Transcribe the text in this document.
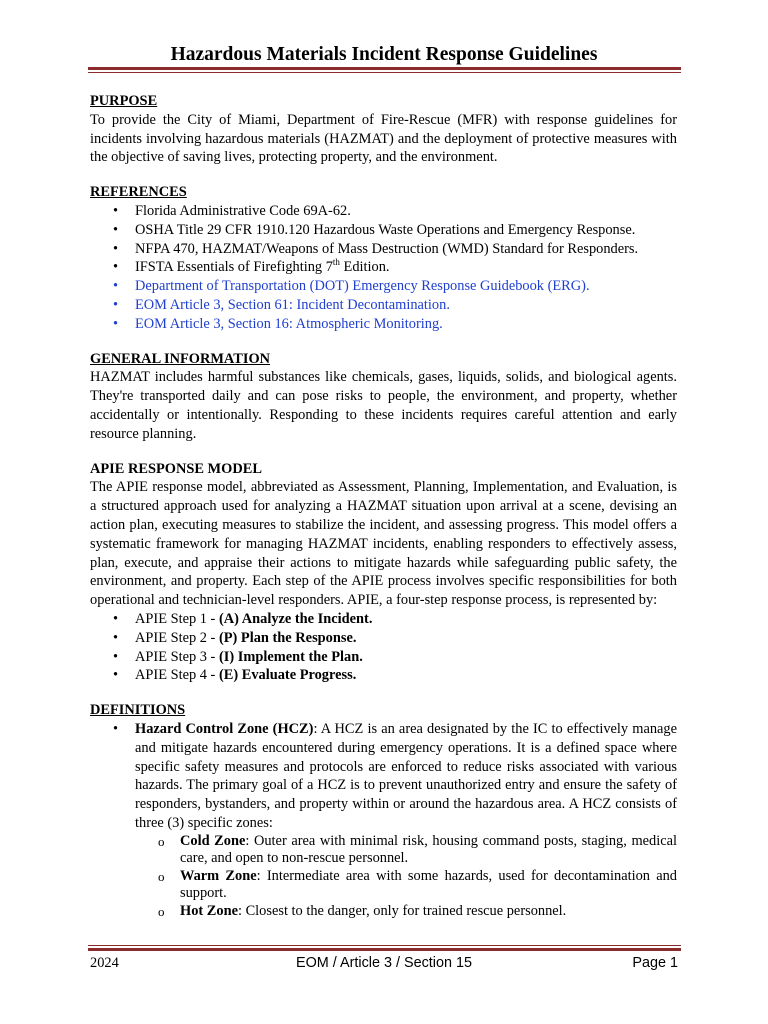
Hazardous Materials Incident Response Guidelines
PURPOSE

To provide the City of Miami, Department of Fire-Rescue (MFR) with response guidelines for incidents involving hazardous materials (HAZMAT) and the deployment of protective measures with the objective of saving lives, protecting property, and the environment.

REFERENCES
• Florida Administrative Code 69A-62.
• OSHA Title 29 CFR 1910.120 Hazardous Waste Operations and Emergency Response.
• NFPA 470, HAZMAT/Weapons of Mass Destruction (WMD) Standard for Responders.
• IFSTA Essentials of Firefighting 7th Edition.
• Department of Transportation (DOT) Emergency Response Guidebook (ERG).
• EOM Article 3, Section 61: Incident Decontamination.
• EOM Article 3, Section 16: Atmospheric Monitoring.
GENERAL INFORMATION

HAZMAT includes harmful substances like chemicals, gases, liquids, solids, and biological agents. They're transported daily and can pose risks to people, the environment, and property, whether accidentally or intentionally. Responding to these incidents requires careful attention and early resource planning.

APIE RESPONSE MODEL

The APIE response model, abbreviated as Assessment, Planning, Implementation, and Evaluation, is a structured approach used for analyzing a HAZMAT situation upon arrival at a scene, devising an action plan, executing measures to stabilize the incident, and assessing progress. This model offers a systematic framework for managing HAZMAT incidents, enabling responders to effectively assess, plan, execute, and appraise their actions to mitigate hazards while safeguarding public safety, the environment, and property. Each step of the APIE process involves specific responsibilities for both operational and technician-level responders. APIE, a four-step response process, is represented by:

• APIE Step 1 - (A) Analyze the Incident.
• APIE Step 2 - (P) Plan the Response.
• APIE Step 3 - (I) Implement the Plan.
• APIE Step 4 - (E) Evaluate Progress.
DEFINITIONS
• Hazard Control Zone (HCZ): A HCZ is an area designated by the IC to effectively manage and mitigate hazards encountered during emergency operations. It is a defined space where specific safety measures and protocols are enforced to reduce risks associated with various hazards. The primary goal of a HCZ is to prevent unauthorized entry and ensure the safety of responders, bystanders, and property within or around the hazardous area. A HCZ consists of three (3) specific zones:
o Cold Zone: Outer area with minimal risk, housing command posts, staging, medical care, and open to non-rescue personnel.
o Warm Zone: Intermediate area with some hazards, used for decontamination and support.
o Hot Zone: Closest to the danger, only for trained rescue personnel.
2024	EOM / Article 3 / Section 15	Page 1
